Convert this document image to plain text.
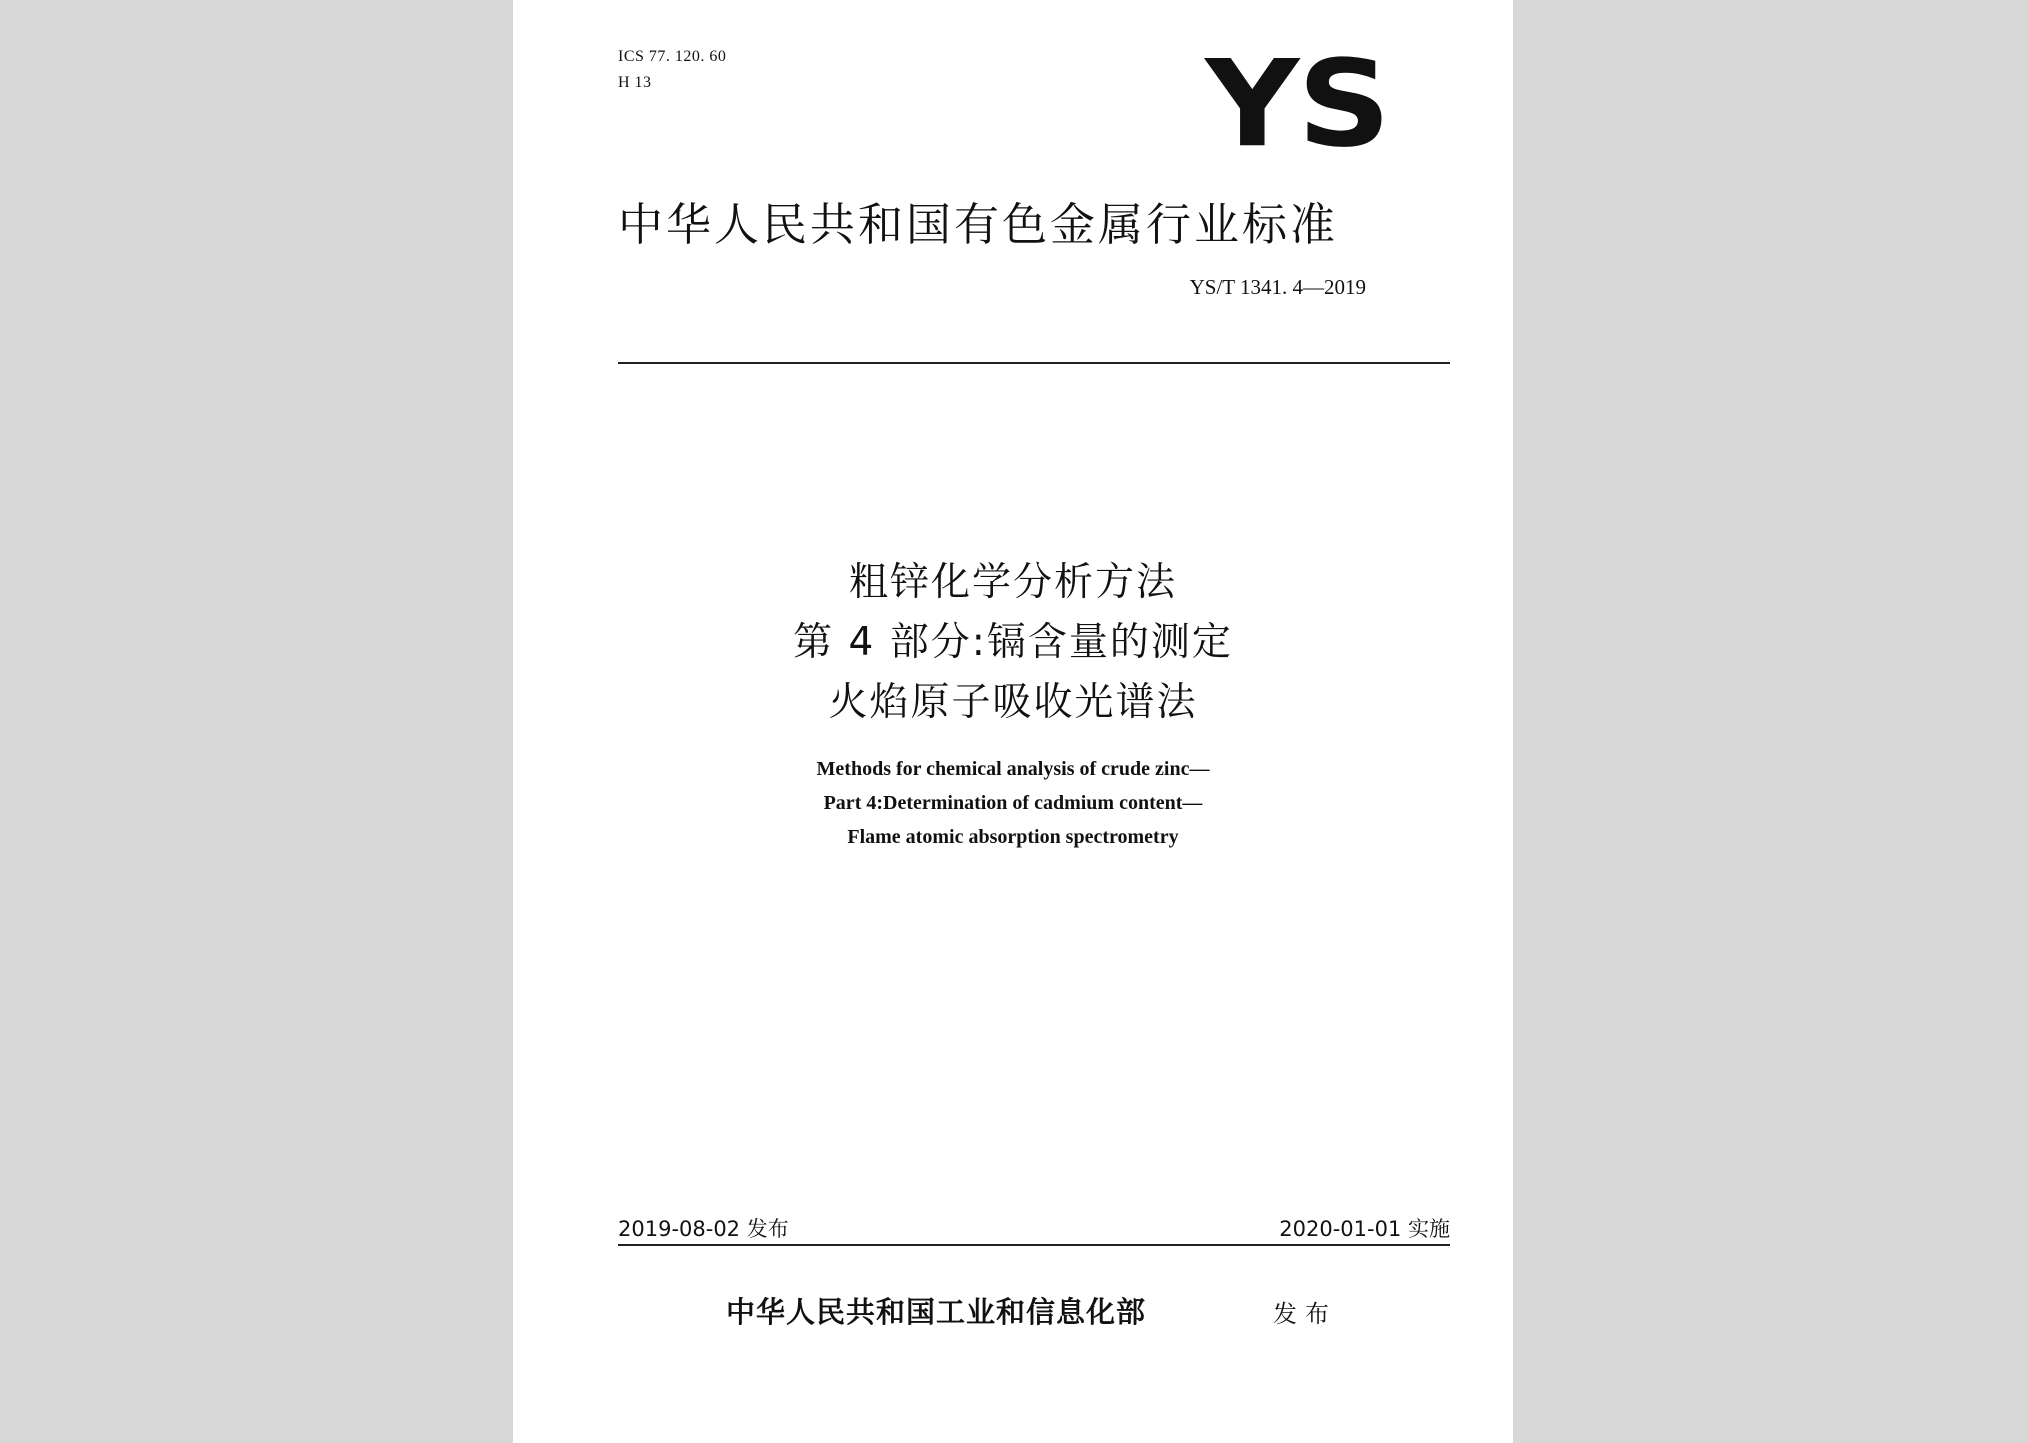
ICS 77. 120. 60
H 13	YS
中华人民共和国有色金属行业标准
YS/T 1341. 4—2019
粗锌化学分析方法
第 4 部分:镉含量的测定
火焰原子吸收光谱法
Methods for chemical analysis of crude zinc—
Part 4:Determination of cadmium content—
Flame atomic absorption spectrometry
2019-08-02 发布	2020-01-01 实施
中华人民共和国工业和信息化部	发布
